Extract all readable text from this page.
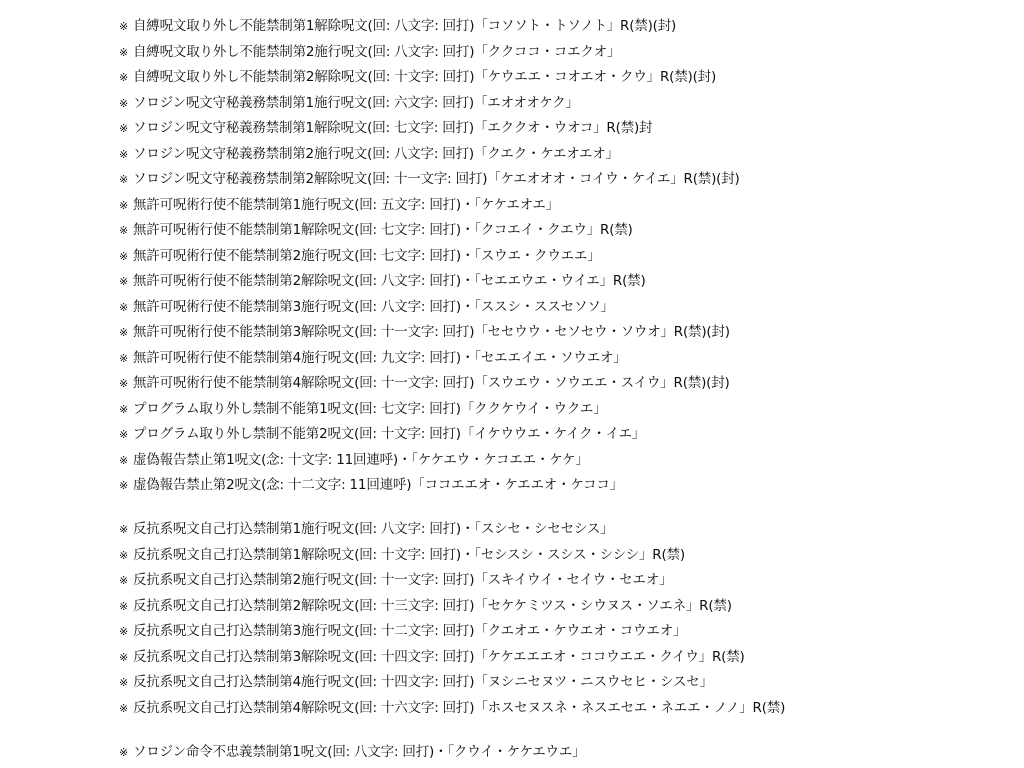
※ 自縛呪文取り外し不能禁制第1解除呪文(回: 八文字: 回打)「コソソト・トソノト」R(禁)(封)
※ 自縛呪文取り外し不能禁制第2施行呪文(回: 八文字: 回打)「ククココ・コエクオ」
※ 自縛呪文取り外し不能禁制第2解除呪文(回: 十文字: 回打)「ケウエエ・コオエオ・クウ」R(禁)(封)
※ ソロジン呪文守秘義務禁制第1施行呪文(回: 六文字: 回打)「エオオオケク」
※ ソロジン呪文守秘義務禁制第1解除呪文(回: 七文字: 回打)「エククオ・ウオコ」R(禁)封
※ ソロジン呪文守秘義務禁制第2施行呪文(回: 八文字: 回打)「クエク・ケエオエオ」
※ ソロジン呪文守秘義務禁制第2解除呪文(回: 十一文字: 回打)「ケエオオオ・コイウ・ケイエ」R(禁)(封)
※ 無許可呪術行使不能禁制第1施行呪文(回: 五文字: 回打)・「ケケエオエ」
※ 無許可呪術行使不能禁制第1解除呪文(回: 七文字: 回打)・「クコエイ・クエウ」R(禁)
※ 無許可呪術行使不能禁制第2施行呪文(回: 七文字: 回打)・「スウエ・クウエエ」
※ 無許可呪術行使不能禁制第2解除呪文(回: 八文字: 回打)・「セエエウエ・ウイエ」R(禁)
※ 無許可呪術行使不能禁制第3施行呪文(回: 八文字: 回打)・「ススシ・ススセソソ」
※ 無許可呪術行使不能禁制第3解除呪文(回: 十一文字: 回打)「セセウウ・セソセウ・ソウオ」R(禁)(封)
※ 無許可呪術行使不能禁制第4施行呪文(回: 九文字: 回打)・「セエエイエ・ソウエオ」
※ 無許可呪術行使不能禁制第4解除呪文(回: 十一文字: 回打)「スウエウ・ソウエエ・スイウ」R(禁)(封)
※ プログラム取り外し禁制不能第1呪文(回: 七文字: 回打)「ククケウイ・ウクエ」
※ プログラム取り外し禁制不能第2呪文(回: 十文字: 回打)「イケウウエ・ケイク・イエ」
※ 虚偽報告禁止第1呪文(念: 十文字: 11回連呼)・「ケケエウ・ケコエエ・ケケ」
※ 虚偽報告禁止第2呪文(念: 十二文字: 11回連呼)「ココエエオ・ケエエオ・ケココ」
※ 反抗系呪文自己打込禁制第1施行呪文(回: 八文字: 回打)・「スシセ・シセセシス」
※ 反抗系呪文自己打込禁制第1解除呪文(回: 十文字: 回打)・「セシスシ・スシス・シシシ」R(禁)
※ 反抗系呪文自己打込禁制第2施行呪文(回: 十一文字: 回打)「スキイウイ・セイウ・セエオ」
※ 反抗系呪文自己打込禁制第2解除呪文(回: 十三文字: 回打)「セケケミツス・シウヌス・ソエネ」R(禁)
※ 反抗系呪文自己打込禁制第3施行呪文(回: 十二文字: 回打)「クエオエ・ケウエオ・コウエオ」
※ 反抗系呪文自己打込禁制第3解除呪文(回: 十四文字: 回打)「ケケエエエオ・ココウエエ・クイウ」R(禁)
※ 反抗系呪文自己打込禁制第4施行呪文(回: 十四文字: 回打)「ヌシニセヌツ・ニスウセヒ・シスセ」
※ 反抗系呪文自己打込禁制第4解除呪文(回: 十六文字: 回打)「ホスセヌスネ・ネスエセエ・ネエエ・ノノ」R(禁)
※ ソロジン命令不忠義禁制第1呪文(回: 八文字: 回打)・「クウイ・ケケエウエ」
